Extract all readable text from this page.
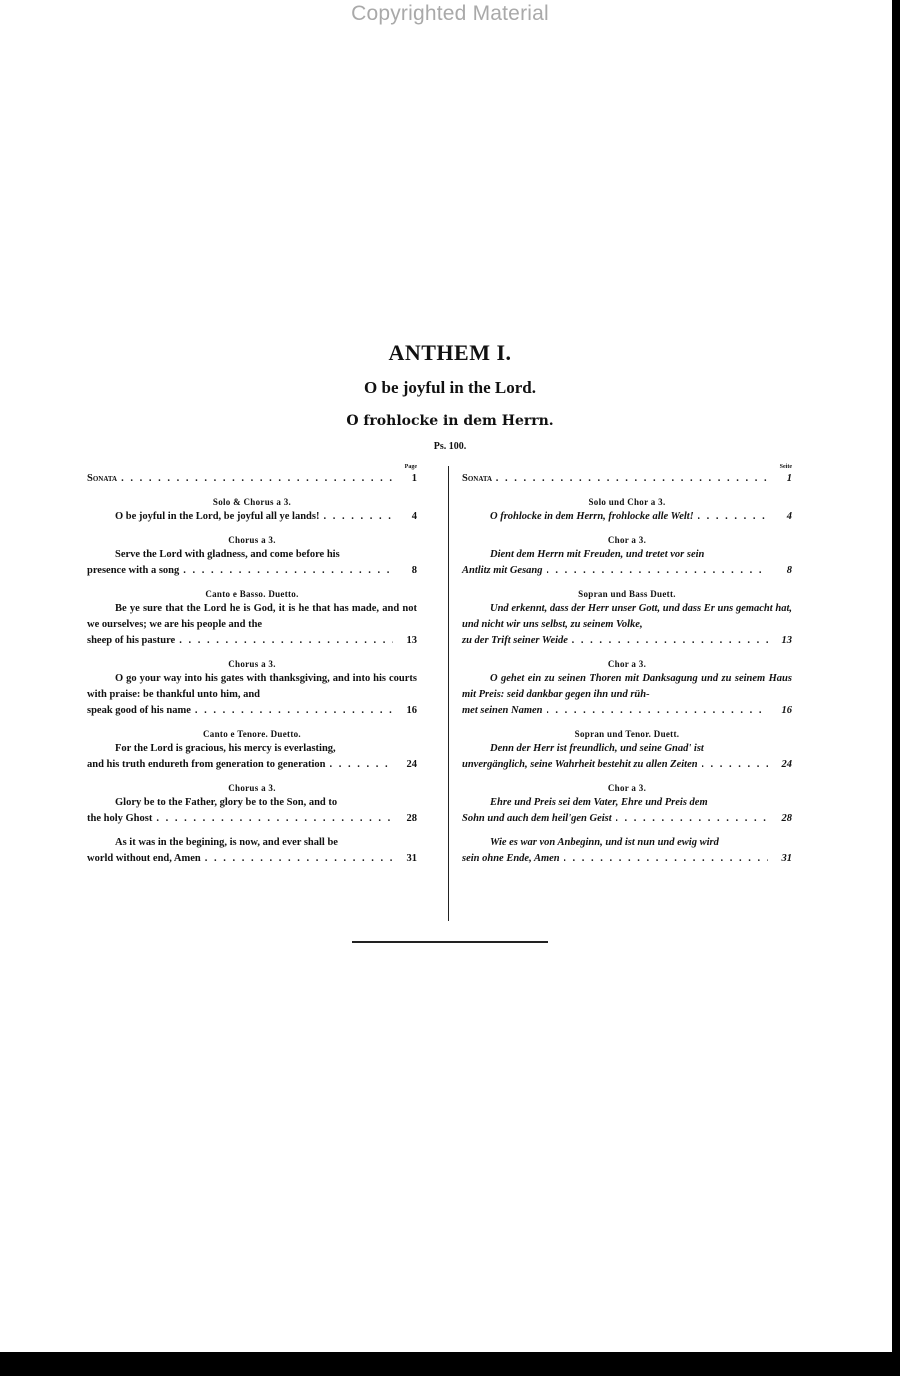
Copyrighted Material
ANTHEM I.
O be joyful in the Lord.
O frohlocke in dem Herrn.
Ps. 100.
Page
Sonata . . .	1
Solo & Chorus a 3.
O be joyful in the Lord, be joyful all ye lands! . . .	4
Chorus a 3.
Serve the Lord with gladness, and come before his
presence with a song . . .	8
Canto e Basso. Duetto.
Be ye sure that the Lord he is God, it is he that has made, and not we ourselves; we are his people and the
sheep of his pasture . . .	13
Chorus a 3.
O go your way into his gates with thanksgiving, and into his courts with praise: be thankful unto him, and
speak good of his name . . .	16
Canto e Tenore. Duetto.
For the Lord is gracious, his mercy is everlasting,
and his truth endureth from generation to generation . . .	24
Chorus a 3.
Glory be to the Father, glory be to the Son, and to
the holy Ghost . . .	28
As it was in the begining, is now, and ever shall be
world without end, Amen . . .	31
Seite
Sonata . . .	1
Solo und Chor a 3.
O frohlocke in dem Herrn, frohlocke alle Welt! . . .	4
Chor a 3.
Dient dem Herrn mit Freuden, und tretet vor sein
Antlitz mit Gesang . . .	8
Sopran und Bass Duett.
Und erkennt, dass der Herr unser Gott, und dass Er uns gemacht hat, und nicht wir uns selbst, zu seinem Volke,
zu der Trift seiner Weide . . .	13
Chor a 3.
O gehet ein zu seinen Thoren mit Danksagung und zu seinem Haus mit Preis: seid dankbar gegen ihn und rüh-
met seinen Namen . . .	16
Sopran und Tenor. Duett.
Denn der Herr ist freundlich, und seine Gnad' ist
unvergänglich, seine Wahrheit bestehit zu allen Zeiten . . .	24
Chor a 3.
Ehre und Preis sei dem Vater, Ehre und Preis dem
Sohn und auch dem heil'gen Geist . . .	28
Wie es war von Anbeginn, und ist nun und ewig wird
sein ohne Ende, Amen . . .	31
